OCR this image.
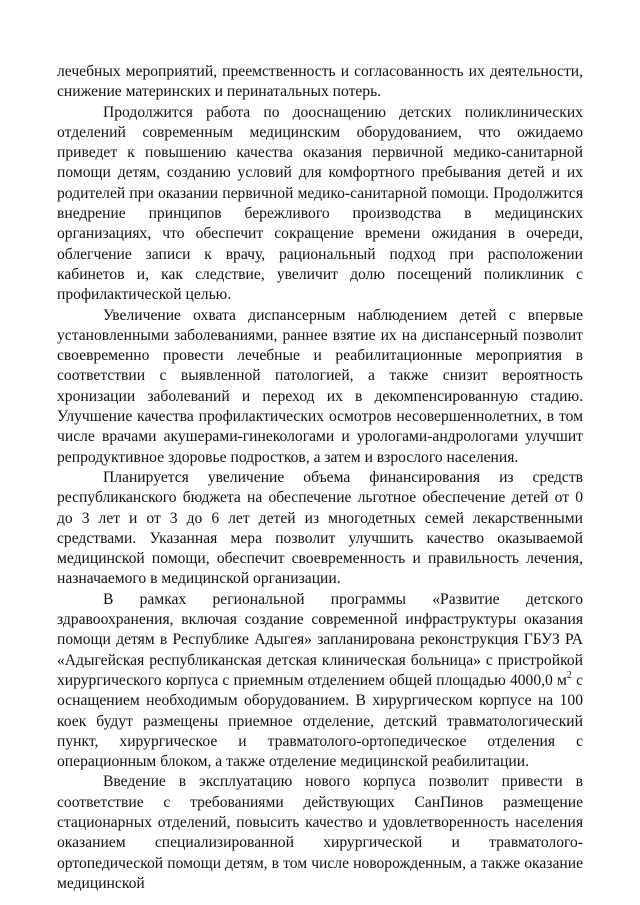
лечебных мероприятий, преемственность и согласованность их деятельности, снижение материнских и перинатальных потерь.

Продолжится работа по дооснащению детских поликлинических отделений современным медицинским оборудованием, что ожидаемо приведет к повышению качества оказания первичной медико-санитарной помощи детям, созданию условий для комфортного пребывания детей и их родителей при оказании первичной медико-санитарной помощи. Продолжится внедрение принципов бережливого производства в медицинских организациях, что обеспечит сокращение времени ожидания в очереди, облегчение записи к врачу, рациональный подход при расположении кабинетов и, как следствие, увеличит долю посещений поликлиник с профилактической целью.

Увеличение охвата диспансерным наблюдением детей с впервые установленными заболеваниями, раннее взятие их на диспансерный позволит своевременно провести лечебные и реабилитационные мероприятия в соответствии с выявленной патологией, а также снизит вероятность хронизации заболеваний и переход их в декомпенсированную стадию. Улучшение качества профилактических осмотров несовершеннолетних, в том числе врачами акушерами-гинекологами и урологами-андрологами улучшит репродуктивное здоровье подростков, а затем и взрослого населения.

Планируется увеличение объема финансирования из средств республиканского бюджета на обеспечение льготное обеспечение детей от 0 до 3 лет и от 3 до 6 лет детей из многодетных семей лекарственными средствами. Указанная мера позволит улучшить качество оказываемой медицинской помощи, обеспечит своевременность и правильность лечения, назначаемого в медицинской организации.

В рамках региональной программы «Развитие детского здравоохранения, включая создание современной инфраструктуры оказания помощи детям в Республике Адыгея» запланирована реконструкция ГБУЗ РА «Адыгейская республиканская детская клиническая больница» с пристройкой хирургического корпуса с приемным отделением общей площадью 4000,0 $м^2$ с оснащением необходимым оборудованием. В хирургическом корпусе на 100 коек будут размещены приемное отделение, детский травматологический пункт, хирургическое и травматолого-ортопедическое отделения с операционным блоком, а также отделение медицинской реабилитации.

Введение в эксплуатацию нового корпуса позволит привести в соответствие с требованиями действующих СанПинов размещение стационарных отделений, повысить качество и удовлетворенность населения оказанием специализированной хирургической и травматолого-ортопедической помощи детям, в том числе новорожденным, а также оказание медицинской
